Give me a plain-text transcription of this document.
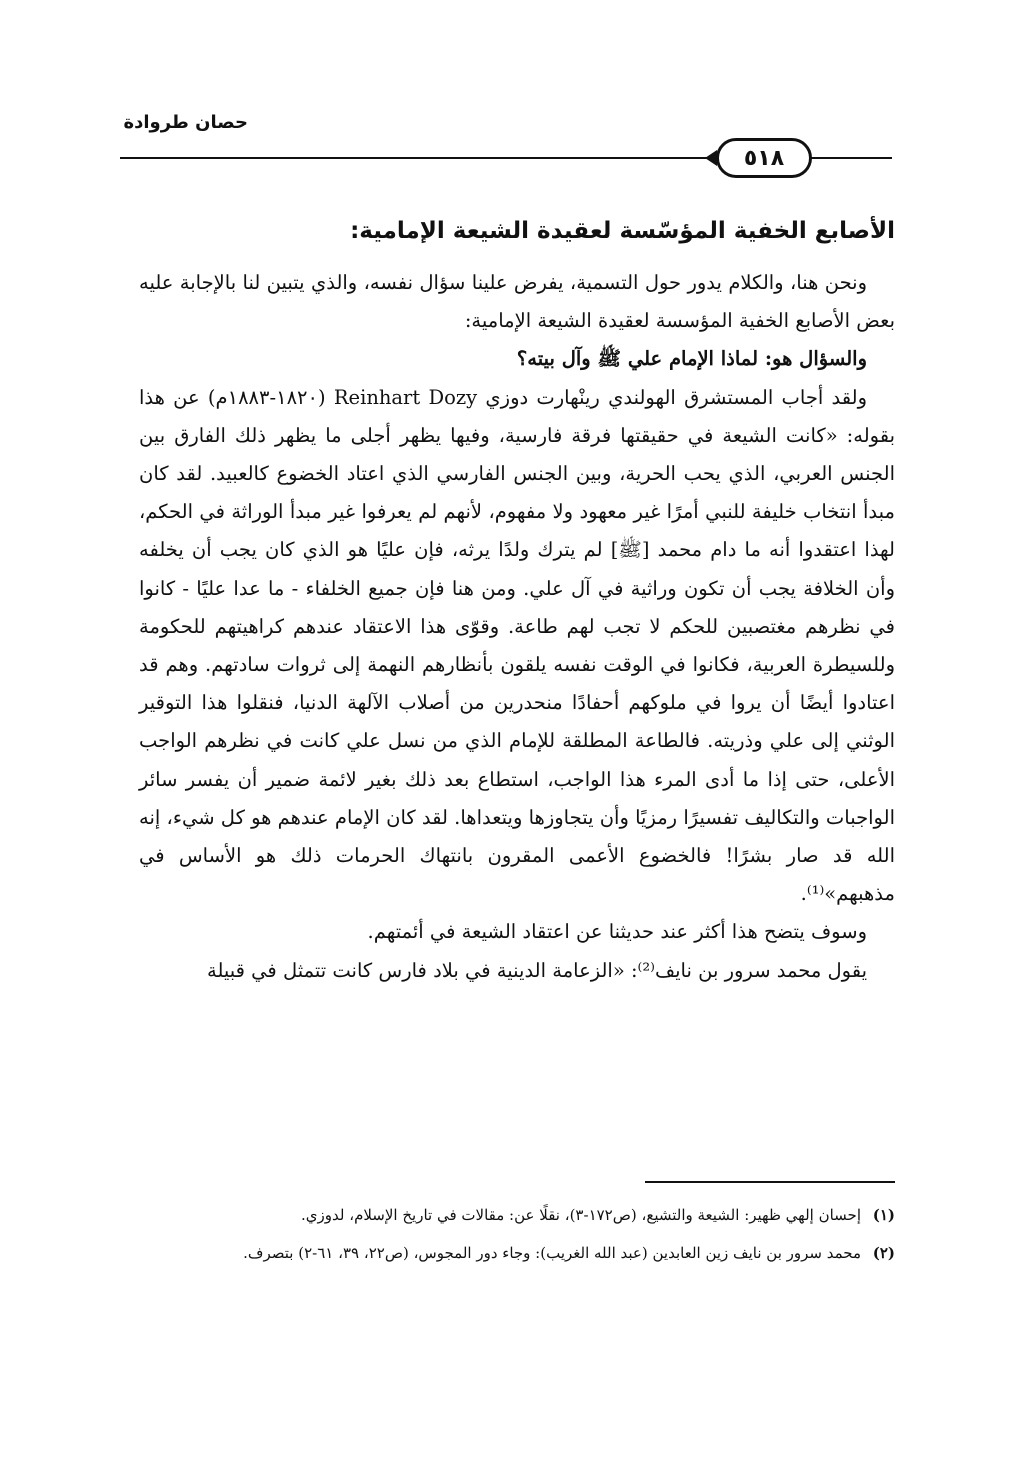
حصان طروادة
٥١٨
الأصابع الخفية المؤسّسة لعقيدة الشيعة الإمامية:

ونحن هنا، والكلام يدور حول التسمية، يفرض علينا سؤال نفسه، والذي يتبين لنا بالإجابة عليه بعض الأصابع الخفية المؤسسة لعقيدة الشيعة الإمامية:

والسؤال هو: لماذا الإمام علي ﷺ وآل بيته؟

ولقد أجاب المستشرق الهولندي رينْهارت دوزي Reinhart Dozy (١٨٢٠-١٨٨٣م) عن هذا بقوله: «كانت الشيعة في حقيقتها فرقة فارسية، وفيها يظهر أجلى ما يظهر ذلك الفارق بين الجنس العربي، الذي يحب الحرية، وبين الجنس الفارسي الذي اعتاد الخضوع كالعبيد. لقد كان مبدأ انتخاب خليفة للنبي أمرًا غير معهود ولا مفهوم، لأنهم لم يعرفوا غير مبدأ الوراثة في الحكم، لهذا اعتقدوا أنه ما دام محمد [ﷺ] لم يترك ولدًا يرثه، فإن عليًا هو الذي كان يجب أن يخلفه وأن الخلافة يجب أن تكون وراثية في آل علي. ومن هنا فإن جميع الخلفاء - ما عدا عليًا - كانوا في نظرهم مغتصبين للحكم لا تجب لهم طاعة. وقوّى هذا الاعتقاد عندهم كراهيتهم للحكومة وللسيطرة العربية، فكانوا في الوقت نفسه يلقون بأنظارهم النهمة إلى ثروات سادتهم. وهم قد اعتادوا أيضًا أن يروا في ملوكهم أحفادًا منحدرين من أصلاب الآلهة الدنيا، فنقلوا هذا التوقير الوثني إلى علي وذريته. فالطاعة المطلقة للإمام الذي من نسل علي كانت في نظرهم الواجب الأعلى، حتى إذا ما أدى المرء هذا الواجب، استطاع بعد ذلك بغير لائمة ضمير أن يفسر سائر الواجبات والتكاليف تفسيرًا رمزيًا وأن يتجاوزها ويتعداها. لقد كان الإمام عندهم هو كل شيء، إنه الله قد صار بشرًا! فالخضوع الأعمى المقرون بانتهاك الحرمات ذلك هو الأساس في مذهبهم»⁽¹⁾.

وسوف يتضح هذا أكثر عند حديثنا عن اعتقاد الشيعة في أئمتهم.

يقول محمد سرور بن نايف⁽²⁾: «الزعامة الدينية في بلاد فارس كانت تتمثل في قبيلة

(١)
إحسان إلهي ظهير: الشيعة والتشيع، (ص١٧٢-٣)، نقلًا عن: مقالات في تاريخ الإسلام، لدوزي.
(٢)
محمد سرور بن نايف زين العابدين (عبد الله الغريب): وجاء دور المجوس، (ص٢٢، ٣٩، ٦١-٢) بتصرف.
